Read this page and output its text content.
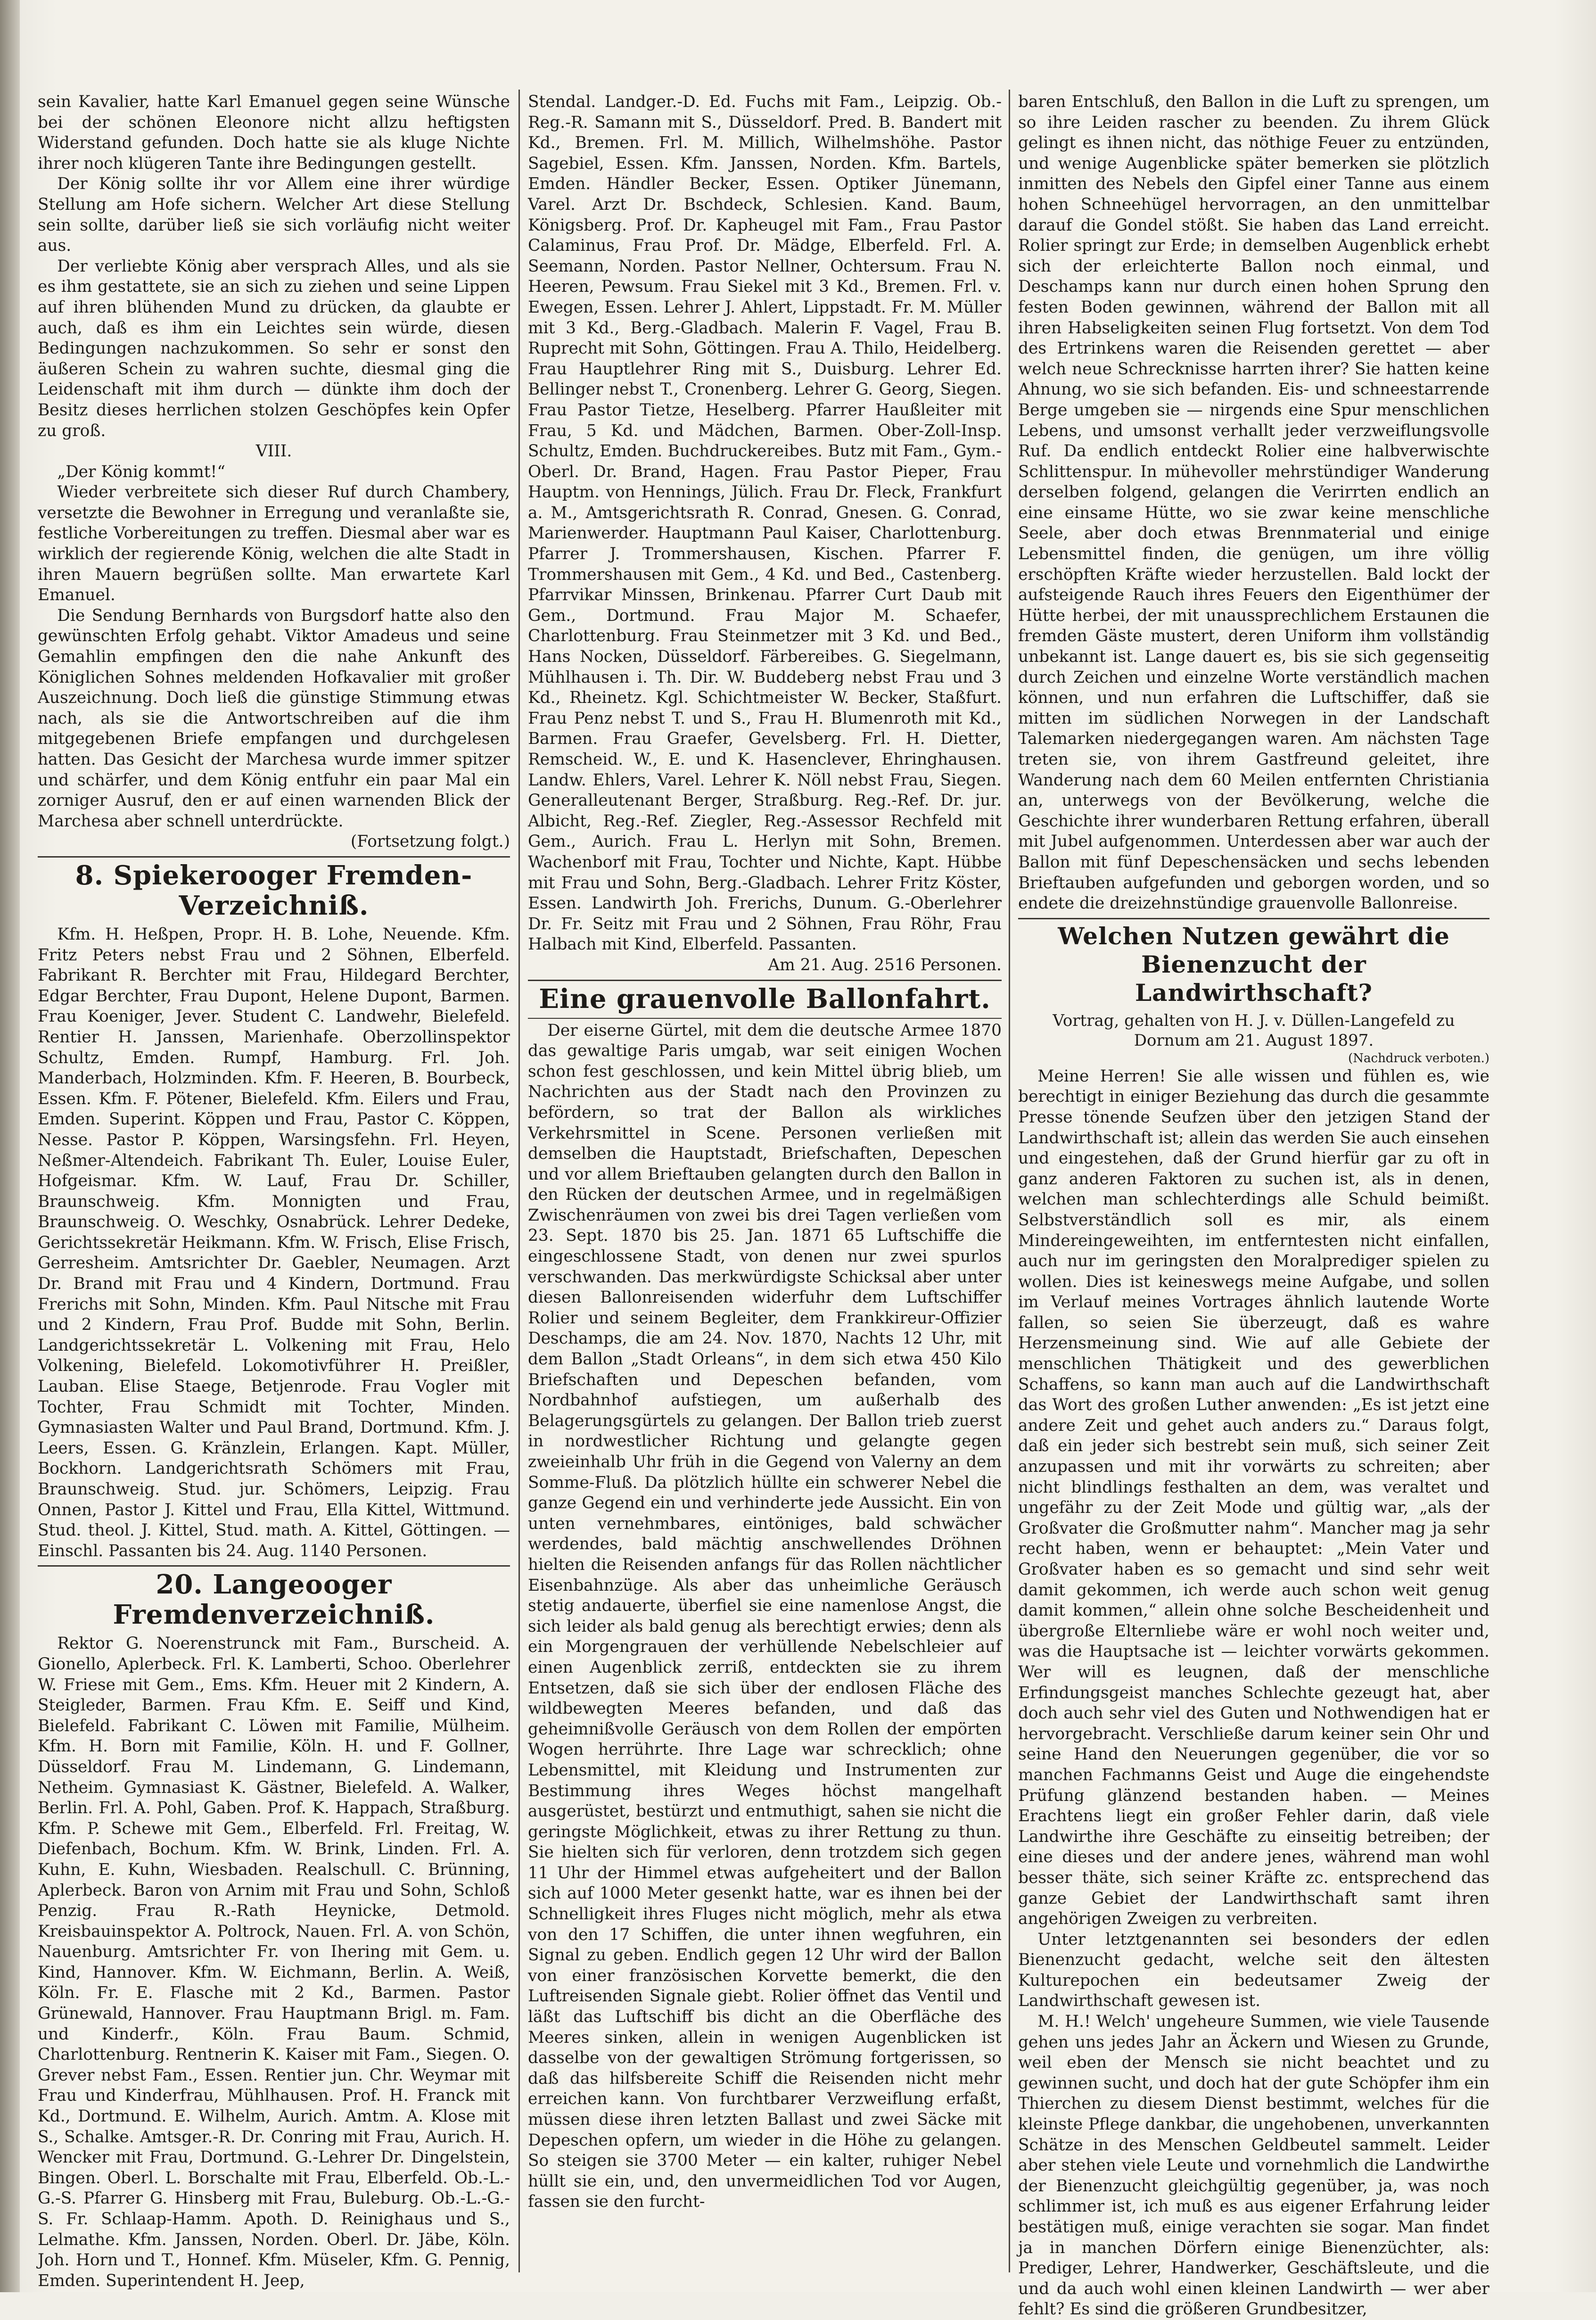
sein Kavalier, hatte Karl Emanuel gegen seine Wünsche bei der schönen Eleonore nicht allzu heftigsten Widerstand gefunden. Doch hatte sie als kluge Nichte ihrer noch klügeren Tante ihre Bedingungen gestellt.

Der König sollte ihr vor Allem eine ihrer würdige Stellung am Hofe sichern. Welcher Art diese Stellung sein sollte, darüber ließ sie sich vorläufig nicht weiter aus.

Der verliebte König aber versprach Alles, und als sie es ihm gestattete, sie an sich zu ziehen und seine Lippen auf ihren blühenden Mund zu drücken, da glaubte er auch, daß es ihm ein Leichtes sein würde, diesen Bedingungen nachzukommen. So sehr er sonst den äußeren Schein zu wahren suchte, diesmal ging die Leidenschaft mit ihm durch — dünkte ihm doch der Besitz dieses herrlichen stolzen Geschöpfes kein Opfer zu groß.

VIII.

„Der König kommt!“

Wieder verbreitete sich dieser Ruf durch Chambery, versetzte die Bewohner in Erregung und veranlaßte sie, festliche Vorbereitungen zu treffen. Diesmal aber war es wirklich der regierende König, welchen die alte Stadt in ihren Mauern begrüßen sollte. Man erwartete Karl Emanuel.

Die Sendung Bernhards von Burgsdorf hatte also den gewünschten Erfolg gehabt. Viktor Amadeus und seine Gemahlin empfingen den die nahe Ankunft des Königlichen Sohnes meldenden Hofkavalier mit großer Auszeichnung. Doch ließ die günstige Stimmung etwas nach, als sie die Antwortschreiben auf die ihm mitgegebenen Briefe empfangen und durchgelesen hatten. Das Gesicht der Marchesa wurde immer spitzer und schärfer, und dem König entfuhr ein paar Mal ein zorniger Ausruf, den er auf einen warnenden Blick der Marchesa aber schnell unterdrückte.

(Fortsetzung folgt.)

8. Spiekerooger Fremden-Verzeichniß.

Kfm. H. Heßpen, Propr. H. B. Lohe, Neuende. Kfm. Fritz Peters nebst Frau und 2 Söhnen, Elberfeld. Fabrikant R. Berchter mit Frau, Hildegard Berchter, Edgar Berchter, Frau Dupont, Helene Dupont, Barmen. Frau Koeniger, Jever. Student C. Landwehr, Bielefeld. Rentier H. Janssen, Marienhafe. Oberzollinspektor Schultz, Emden. Rumpf, Hamburg. Frl. Joh. Manderbach, Holzminden. Kfm. F. Heeren, B. Bourbeck, Essen. Kfm. F. Pötener, Bielefeld. Kfm. Eilers und Frau, Emden. Superint. Köppen und Frau, Pastor C. Köppen, Nesse. Pastor P. Köppen, Warsingsfehn. Frl. Heyen, Neßmer-Altendeich. Fabrikant Th. Euler, Louise Euler, Hofgeismar. Kfm. W. Lauf, Frau Dr. Schiller, Braunschweig. Kfm. Monnigten und Frau, Braunschweig. O. Weschky, Osnabrück. Lehrer Dedeke, Gerichtssekretär Heikmann. Kfm. W. Frisch, Elise Frisch, Gerresheim. Amtsrichter Dr. Gaebler, Neumagen. Arzt Dr. Brand mit Frau und 4 Kindern, Dortmund. Frau Frerichs mit Sohn, Minden. Kfm. Paul Nitsche mit Frau und 2 Kindern, Frau Prof. Budde mit Sohn, Berlin. Landgerichtssekretär L. Volkening mit Frau, Helo Volkening, Bielefeld. Lokomotivführer H. Preißler, Lauban. Elise Staege, Betjenrode. Frau Vogler mit Tochter, Frau Schmidt mit Tochter, Minden. Gymnasiasten Walter und Paul Brand, Dortmund. Kfm. J. Leers, Essen. G. Kränzlein, Erlangen. Kapt. Müller, Bockhorn. Landgerichtsrath Schömers mit Frau, Braunschweig. Stud. jur. Schömers, Leipzig. Frau Onnen, Pastor J. Kittel und Frau, Ella Kittel, Wittmund. Stud. theol. J. Kittel, Stud. math. A. Kittel, Göttingen. — Einschl. Passanten bis 24. Aug. 1140 Personen.

20. Langeooger Fremdenverzeichniß.

Rektor G. Noerenstrunck mit Fam., Burscheid. A. Gionello, Aplerbeck. Frl. K. Lamberti, Schoo. Oberlehrer W. Friese mit Gem., Ems. Kfm. Heuer mit 2 Kindern, A. Steigleder, Barmen. Frau Kfm. E. Seiff und Kind, Bielefeld. Fabrikant C. Löwen mit Familie, Mülheim. Kfm. H. Born mit Familie, Köln. H. und F. Gollner, Düsseldorf. Frau M. Lindemann, G. Lindemann, Netheim. Gymnasiast K. Gästner, Bielefeld. A. Walker, Berlin. Frl. A. Pohl, Gaben. Prof. K. Happach, Straßburg. Kfm. P. Schewe mit Gem., Elberfeld. Frl. Freitag, W. Diefenbach, Bochum. Kfm. W. Brink, Linden. Frl. A. Kuhn, E. Kuhn, Wiesbaden. Realschull. C. Brünning, Aplerbeck. Baron von Arnim mit Frau und Sohn, Schloß Penzig. Frau R.-Rath Heynicke, Detmold. Kreisbauinspektor A. Poltrock, Nauen. Frl. A. von Schön, Nauenburg. Amtsrichter Fr. von Ihering mit Gem. u. Kind, Hannover. Kfm. W. Eichmann, Berlin. A. Weiß, Köln. Fr. E. Flasche mit 2 Kd., Barmen. Pastor Grünewald, Hannover. Frau Hauptmann Brigl. m. Fam. und Kinderfr., Köln. Frau Baum. Schmid, Charlottenburg. Rentnerin K. Kaiser mit Fam., Siegen. O. Grever nebst Fam., Essen. Rentier jun. Chr. Weymar mit Frau und Kinderfrau, Mühlhausen. Prof. H. Franck mit Kd., Dortmund. E. Wilhelm, Aurich. Amtm. A. Klose mit S., Schalke. Amtsger.-R. Dr. Conring mit Frau, Aurich. H. Wencker mit Frau, Dortmund. G.-Lehrer Dr. Dingelstein, Bingen. Oberl. L. Borschalte mit Frau, Elberfeld. Ob.-L.-G.-S. Pfarrer G. Hinsberg mit Frau, Buleburg. Ob.-L.-G.-S. Fr. Schlaap-Hamm. Apoth. D. Reinighaus und S., Lelmathe. Kfm. Janssen, Norden. Oberl. Dr. Jäbe, Köln. Joh. Horn und T., Honnef. Kfm. Müseler, Kfm. G. Pennig, Emden. Superintendent H. Jeep,

Stendal. Landger.-D. Ed. Fuchs mit Fam., Leipzig. Ob.-Reg.-R. Samann mit S., Düsseldorf. Pred. B. Bandert mit Kd., Bremen. Frl. M. Millich, Wilhelmshöhe. Pastor Sagebiel, Essen. Kfm. Janssen, Norden. Kfm. Bartels, Emden. Händler Becker, Essen. Optiker Jünemann, Varel. Arzt Dr. Bschdeck, Schlesien. Kand. Baum, Königsberg. Prof. Dr. Kapheugel mit Fam., Frau Pastor Calaminus, Frau Prof. Dr. Mädge, Elberfeld. Frl. A. Seemann, Norden. Pastor Nellner, Ochtersum. Frau N. Heeren, Pewsum. Frau Siekel mit 3 Kd., Bremen. Frl. v. Ewegen, Essen. Lehrer J. Ahlert, Lippstadt. Fr. M. Müller mit 3 Kd., Berg.-Gladbach. Malerin F. Vagel, Frau B. Ruprecht mit Sohn, Göttingen. Frau A. Thilo, Heidelberg. Frau Hauptlehrer Ring mit S., Duisburg. Lehrer Ed. Bellinger nebst T., Cronenberg. Lehrer G. Georg, Siegen. Frau Pastor Tietze, Heselberg. Pfarrer Haußleiter mit Frau, 5 Kd. und Mädchen, Barmen. Ober-Zoll-Insp. Schultz, Emden. Buchdruckereibes. Butz mit Fam., Gym.-Oberl. Dr. Brand, Hagen. Frau Pastor Pieper, Frau Hauptm. von Hennings, Jülich. Frau Dr. Fleck, Frankfurt a. M., Amtsgerichtsrath R. Conrad, Gnesen. G. Conrad, Marienwerder. Hauptmann Paul Kaiser, Charlottenburg. Pfarrer J. Trommershausen, Kischen. Pfarrer F. Trommershausen mit Gem., 4 Kd. und Bed., Castenberg. Pfarrvikar Minssen, Brinkenau. Pfarrer Curt Daub mit Gem., Dortmund. Frau Major M. Schaefer, Charlottenburg. Frau Steinmetzer mit 3 Kd. und Bed., Hans Nocken, Düsseldorf. Färbereibes. G. Siegelmann, Mühlhausen i. Th. Dir. W. Buddeberg nebst Frau und 3 Kd., Rheinetz. Kgl. Schichtmeister W. Becker, Staßfurt. Frau Penz nebst T. und S., Frau H. Blumenroth mit Kd., Barmen. Frau Graefer, Gevelsberg. Frl. H. Dietter, Remscheid. W., E. und K. Hasenclever, Ehringhausen. Landw. Ehlers, Varel. Lehrer K. Nöll nebst Frau, Siegen. Generalleutenant Berger, Straßburg. Reg.-Ref. Dr. jur. Albicht, Reg.-Ref. Ziegler, Reg.-Assessor Rechfeld mit Gem., Aurich. Frau L. Herlyn mit Sohn, Bremen. Wachenborf mit Frau, Tochter und Nichte, Kapt. Hübbe mit Frau und Sohn, Berg.-Gladbach. Lehrer Fritz Köster, Essen. Landwirth Joh. Frerichs, Dunum. G.-Oberlehrer Dr. Fr. Seitz mit Frau und 2 Söhnen, Frau Röhr, Frau Halbach mit Kind, Elberfeld. Passanten.

Am 21. Aug. 2516 Personen.

Eine grauenvolle Ballonfahrt.

Der eiserne Gürtel, mit dem die deutsche Armee 1870 das gewaltige Paris umgab, war seit einigen Wochen schon fest geschlossen, und kein Mittel übrig blieb, um Nachrichten aus der Stadt nach den Provinzen zu befördern, so trat der Ballon als wirkliches Verkehrsmittel in Scene. Personen verließen mit demselben die Hauptstadt, Briefschaften, Depeschen und vor allem Brieftauben gelangten durch den Ballon in den Rücken der deutschen Armee, und in regelmäßigen Zwischenräumen von zwei bis drei Tagen verließen vom 23. Sept. 1870 bis 25. Jan. 1871 65 Luftschiffe die eingeschlossene Stadt, von denen nur zwei spurlos verschwanden. Das merkwürdigste Schicksal aber unter diesen Ballonreisenden widerfuhr dem Luftschiffer Rolier und seinem Begleiter, dem Frankkireur-Offizier Deschamps, die am 24. Nov. 1870, Nachts 12 Uhr, mit dem Ballon „Stadt Orleans“, in dem sich etwa 450 Kilo Briefschaften und Depeschen befanden, vom Nordbahnhof aufstiegen, um außerhalb des Belagerungsgürtels zu gelangen. Der Ballon trieb zuerst in nordwestlicher Richtung und gelangte gegen zweieinhalb Uhr früh in die Gegend von Valerny an dem Somme-Fluß. Da plötzlich hüllte ein schwerer Nebel die ganze Gegend ein und verhinderte jede Aussicht. Ein von unten vernehmbares, eintöniges, bald schwächer werdendes, bald mächtig anschwellendes Dröhnen hielten die Reisenden anfangs für das Rollen nächtlicher Eisenbahnzüge. Als aber das unheimliche Geräusch stetig andauerte, überfiel sie eine namenlose Angst, die sich leider als bald genug als berechtigt erwies; denn als ein Morgengrauen der verhüllende Nebelschleier auf einen Augenblick zerriß, entdeckten sie zu ihrem Entsetzen, daß sie sich über der endlosen Fläche des wildbewegten Meeres befanden, und daß das geheimnißvolle Geräusch von dem Rollen der empörten Wogen herrührte. Ihre Lage war schrecklich; ohne Lebensmittel, mit Kleidung und Instrumenten zur Bestimmung ihres Weges höchst mangelhaft ausgerüstet, bestürzt und entmuthigt, sahen sie nicht die geringste Möglichkeit, etwas zu ihrer Rettung zu thun. Sie hielten sich für verloren, denn trotzdem sich gegen 11 Uhr der Himmel etwas aufgeheitert und der Ballon sich auf 1000 Meter gesenkt hatte, war es ihnen bei der Schnelligkeit ihres Fluges nicht möglich, mehr als etwa von den 17 Schiffen, die unter ihnen wegfuhren, ein Signal zu geben. Endlich gegen 12 Uhr wird der Ballon von einer französischen Korvette bemerkt, die den Luftreisenden Signale giebt. Rolier öffnet das Ventil und läßt das Luftschiff bis dicht an die Oberfläche des Meeres sinken, allein in wenigen Augenblicken ist dasselbe von der gewaltigen Strömung fortgerissen, so daß das hilfsbereite Schiff die Reisenden nicht mehr erreichen kann. Von furchtbarer Verzweiflung erfaßt, müssen diese ihren letzten Ballast und zwei Säcke mit Depeschen opfern, um wieder in die Höhe zu gelangen. So steigen sie 3700 Meter — ein kalter, ruhiger Nebel hüllt sie ein, und, den unvermeidlichen Tod vor Augen, fassen sie den furcht-

baren Entschluß, den Ballon in die Luft zu sprengen, um so ihre Leiden rascher zu beenden. Zu ihrem Glück gelingt es ihnen nicht, das nöthige Feuer zu entzünden, und wenige Augenblicke später bemerken sie plötzlich inmitten des Nebels den Gipfel einer Tanne aus einem hohen Schneehügel hervorragen, an den unmittelbar darauf die Gondel stößt. Sie haben das Land erreicht. Rolier springt zur Erde; in demselben Augenblick erhebt sich der erleichterte Ballon noch einmal, und Deschamps kann nur durch einen hohen Sprung den festen Boden gewinnen, während der Ballon mit all ihren Habseligkeiten seinen Flug fortsetzt. Von dem Tod des Ertrinkens waren die Reisenden gerettet — aber welch neue Schrecknisse harrten ihrer? Sie hatten keine Ahnung, wo sie sich befanden. Eis- und schneestarrende Berge umgeben sie — nirgends eine Spur menschlichen Lebens, und umsonst verhallt jeder verzweiflungsvolle Ruf. Da endlich entdeckt Rolier eine halbverwischte Schlittenspur. In mühevoller mehrstündiger Wanderung derselben folgend, gelangen die Verirrten endlich an eine einsame Hütte, wo sie zwar keine menschliche Seele, aber doch etwas Brennmaterial und einige Lebensmittel finden, die genügen, um ihre völlig erschöpften Kräfte wieder herzustellen. Bald lockt der aufsteigende Rauch ihres Feuers den Eigenthümer der Hütte herbei, der mit unaussprechlichem Erstaunen die fremden Gäste mustert, deren Uniform ihm vollständig unbekannt ist. Lange dauert es, bis sie sich gegenseitig durch Zeichen und einzelne Worte verständlich machen können, und nun erfahren die Luftschiffer, daß sie mitten im südlichen Norwegen in der Landschaft Talemarken niedergegangen waren. Am nächsten Tage treten sie, von ihrem Gastfreund geleitet, ihre Wanderung nach dem 60 Meilen entfernten Christiania an, unterwegs von der Bevölkerung, welche die Geschichte ihrer wunderbaren Rettung erfahren, überall mit Jubel aufgenommen. Unterdessen aber war auch der Ballon mit fünf Depeschensäcken und sechs lebenden Brieftauben aufgefunden und geborgen worden, und so endete die dreizehnstündige grauenvolle Ballonreise.

Welchen Nutzen gewährt die Bienenzucht der Landwirthschaft?
Vortrag, gehalten von H. J. v. Düllen-Langefeld zu Dornum am 21. August 1897.
(Nachdruck verboten.)

Meine Herren! Sie alle wissen und fühlen es, wie berechtigt in einiger Beziehung das durch die gesammte Presse tönende Seufzen über den jetzigen Stand der Landwirthschaft ist; allein das werden Sie auch einsehen und eingestehen, daß der Grund hierfür gar zu oft in ganz anderen Faktoren zu suchen ist, als in denen, welchen man schlechterdings alle Schuld beimißt. Selbstverständlich soll es mir, als einem Mindereingeweihten, im entferntesten nicht einfallen, auch nur im geringsten den Moralprediger spielen zu wollen. Dies ist keineswegs meine Aufgabe, und sollen im Verlauf meines Vortrages ähnlich lautende Worte fallen, so seien Sie überzeugt, daß es wahre Herzensmeinung sind. Wie auf alle Gebiete der menschlichen Thätigkeit und des gewerblichen Schaffens, so kann man auch auf die Landwirthschaft das Wort des großen Luther anwenden: „Es ist jetzt eine andere Zeit und gehet auch anders zu.“ Daraus folgt, daß ein jeder sich bestrebt sein muß, sich seiner Zeit anzupassen und mit ihr vorwärts zu schreiten; aber nicht blindlings festhalten an dem, was veraltet und ungefähr zu der Zeit Mode und gültig war, „als der Großvater die Großmutter nahm“. Mancher mag ja sehr recht haben, wenn er behauptet: „Mein Vater und Großvater haben es so gemacht und sind sehr weit damit gekommen, ich werde auch schon weit genug damit kommen,“ allein ohne solche Bescheidenheit und übergroße Elternliebe wäre er wohl noch weiter und, was die Hauptsache ist — leichter vorwärts gekommen. Wer will es leugnen, daß der menschliche Erfindungsgeist manches Schlechte gezeugt hat, aber doch auch sehr viel des Guten und Nothwendigen hat er hervorgebracht. Verschließe darum keiner sein Ohr und seine Hand den Neuerungen gegenüber, die vor so manchen Fachmanns Geist und Auge die eingehendste Prüfung glänzend bestanden haben. — Meines Erachtens liegt ein großer Fehler darin, daß viele Landwirthe ihre Geschäfte zu einseitig betreiben; der eine dieses und der andere jenes, während man wohl besser thäte, sich seiner Kräfte zc. entsprechend das ganze Gebiet der Landwirthschaft samt ihren angehörigen Zweigen zu verbreiten.

Unter letztgenannten sei besonders der edlen Bienenzucht gedacht, welche seit den ältesten Kulturepochen ein bedeutsamer Zweig der Landwirthschaft gewesen ist.

M. H.! Welch' ungeheure Summen, wie viele Tausende gehen uns jedes Jahr an Äckern und Wiesen zu Grunde, weil eben der Mensch sie nicht beachtet und zu gewinnen sucht, und doch hat der gute Schöpfer ihm ein Thierchen zu diesem Dienst bestimmt, welches für die kleinste Pflege dankbar, die ungehobenen, unverkannten Schätze in des Menschen Geldbeutel sammelt. Leider aber stehen viele Leute und vornehmlich die Landwirthe der Bienenzucht gleichgültig gegenüber, ja, was noch schlimmer ist, ich muß es aus eigener Erfahrung leider bestätigen muß, einige verachten sie sogar. Man findet ja in manchen Dörfern einige Bienenzüchter, als: Prediger, Lehrer, Handwerker, Geschäftsleute, und die und da auch wohl einen kleinen Landwirth — wer aber fehlt? Es sind die größeren Grundbesitzer,
